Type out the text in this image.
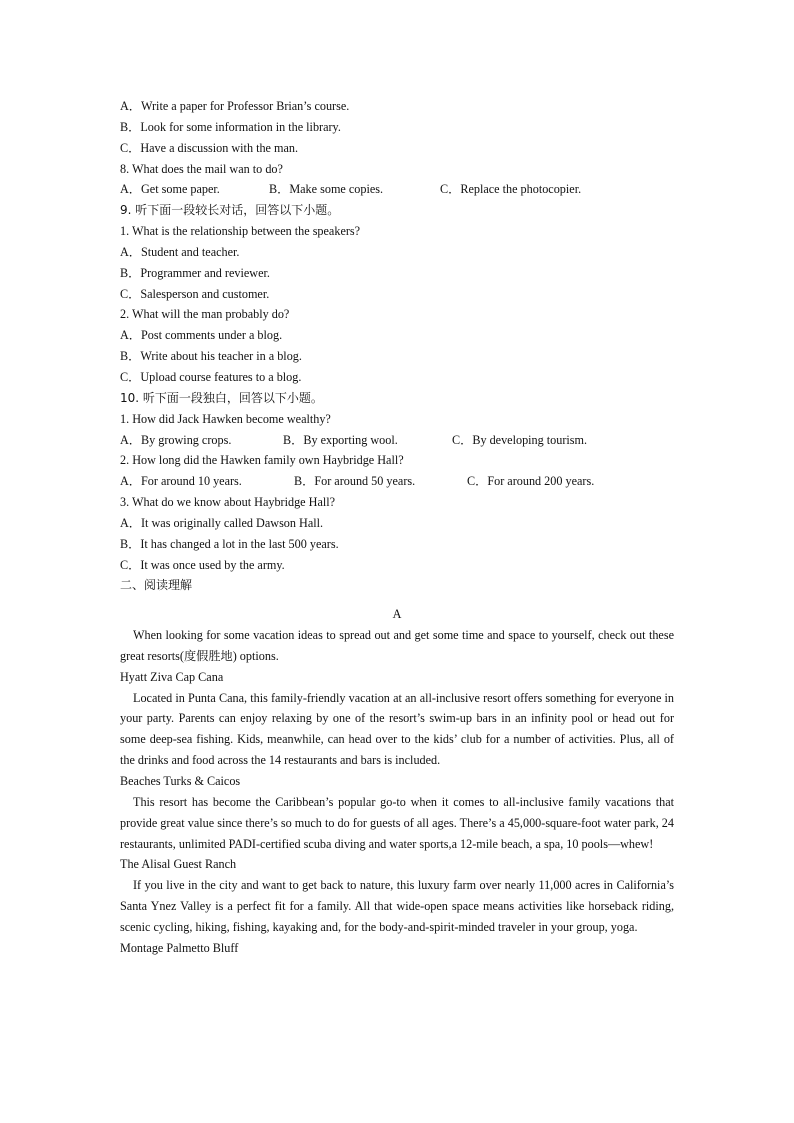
A．Write a paper for Professor Brian’s course.
B．Look for some information in the library.
C．Have a discussion with the man.
8. What does the mail wan to do?
A．Get some paper.	B．Make some copies.	C．Replace the photocopier.
9. 听下面一段较长对话，回答以下小题。
1. What is the relationship between the speakers?
A．Student and teacher.
B．Programmer and reviewer.
C．Salesperson and customer.
2. What will the man probably do?
A．Post comments under a blog.
B．Write about his teacher in a blog.
C．Upload course features to a blog.
10. 听下面一段独白，回答以下小题。
1. How did Jack Hawken become wealthy?
A．By growing crops.	B．By exporting wool.	C．By developing tourism.
2. How long did the Hawken family own Haybridge Hall?
A．For around 10 years.	B．For around 50 years.	C．For around 200 years.
3. What do we know about Haybridge Hall?
A．It was originally called Dawson Hall.
B．It has changed a lot in the last 500 years.
C．It was once used by the army.
二、阅读理解
A

When looking for some vacation ideas to spread out and get some time and space to yourself, check out these great resorts(度假胜地) options.

Hyatt Ziva Cap Cana

Located in Punta Cana, this family-friendly vacation at an all-inclusive resort offers something for everyone in your party. Parents can enjoy relaxing by one of the resort’s swim-up bars in an infinity pool or head out for some deep-sea fishing. Kids, meanwhile, can head over to the kids’ club for a number of activities. Plus, all of the drinks and food across the 14 restaurants and bars is included.

Beaches Turks & Caicos

This resort has become the Caribbean’s popular go-to when it comes to all-inclusive family vacations that provide great value since there’s so much to do for guests of all ages. There’s a 45,000-square-foot water park, 24 restaurants, unlimited PADI-certified scuba diving and water sports,a 12-mile beach, a spa, 10 pools—whew!

The Alisal Guest Ranch

If you live in the city and want to get back to nature, this luxury farm over nearly 11,000 acres in California’s Santa Ynez Valley is a perfect fit for a family. All that wide-open space means activities like horseback riding, scenic cycling, hiking, fishing, kayaking and, for the body-and-spirit-minded traveler in your group, yoga.

Montage Palmetto Bluff
